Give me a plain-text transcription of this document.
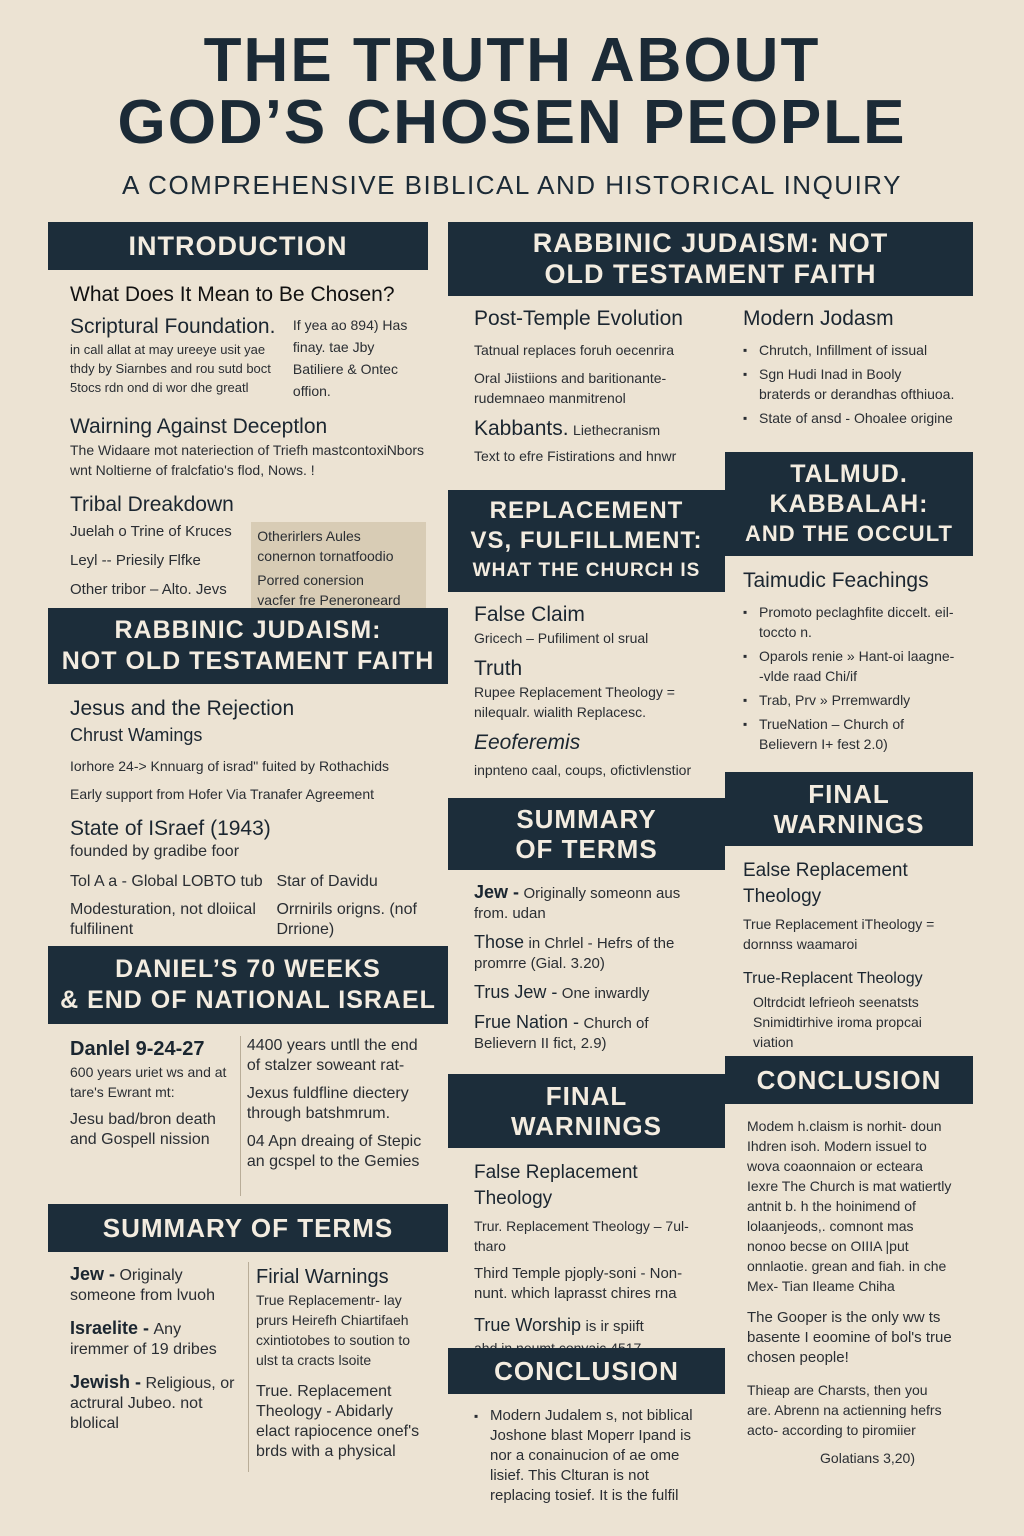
THE TRUTH ABOUT
GOD’S CHOSEN PEOPLE
A COMPREHENSIVE BIBLICAL AND HISTORICAL INQUIRY
INTRODUCTION
What Does It Mean to Be Chosen?
Scriptural Foundation.
in call allat at may ureeye usit yae thdy by Siarnbes and rou sutd boct 5tocs rdn ond di wor dhe greatl
If yea ao 894) Has finay. tae Jby Batiliere & Ontec offion.
Wairning Against Deceptlon
The Widaare mot nateriection of Triefh mastcontoxiNbors wnt Noltierne of fralcfatio's flod, Nows. !
Tribal Dreakdown
Juelah o Trine of Kruces
Leyl -- Priesily Flfke
Other tribor – Alto. Jevs
Otherirlers Aules conernon tornatfoodio
Porred conersion
vacfer fre Peneroneard
RABBINIC JUDAISM:
NOT OLD TESTAMENT FAITH
Jesus and the Rejection
Chrust Wamings
Iorhore 24-> Knnuarg of israd" fuited by Rothachids
Early support from Hofer Via Tranafer Agreement
State of ISraef (1943)
founded by gradibe foor
Tol A a - Global LOBTO tub
Modesturation, not dloiical fulfilinent
Star of Davidu
Orrnirils origns. (nof Drrione)
DANIEL’S 70 WEEKS
& END OF NATIONAL ISRAEL
Danlel 9-24-27
600 years uriet ws and at tare's Ewrant mt:
Jesu bad/bron death and Gospell nission
4400 years untll the end of stalzer soweant rat-
Jexus fuldfline diectery through batshmrum.
04 Apn dreaing of Stepic an gcspel to the Gemies
SUMMARY OF TERMS
Jew - Originaly someone from lvuoh
Israelite - Any iremmer of 19 dribes
Jewish - Religious, or actrural Jubeo. not blolical
Firial Warnings
True Replacementr- lay prurs Heirefh Chiartifaeh cxintiotobes to soution to ulst ta cracts lsoite
True. Replacement Theology - Abidarly elact rapiocence onef's brds with a physical
RABBINIC JUDAISM: NOT
OLD TESTAMENT FAITH
Post-Temple Evolution
Tatnual replaces foruh oecenrira
Oral Jiistiions and baritionante- rudemnaeo manmitrenol
Kabbants. Liethecranism
Text to efre Fistirations and hnwr
REPLACEMENT
VS, FULFILLMENT:
WHAT THE CHURCH IS
False Claim
Gricech – Pufiliment ol srual
Truth
Rupee Replacement Theology = nilequalr. wialith Replacesc.
Eeoferemis
inpnteno caal, coups, ofictivlenstior
SUMMARY
OF TERMS
Jew - Originally someonn aus from. udan
Those in Chrlel - Hefrs of the promrre (Gial. 3.20)
Trus Jew - One inwardly
Frue Nation - Church of Believern II fict, 2.9)
FINAL
WARNINGS
False Replacement Theology
Trur. Replacement Theology – 7ul-
tharo
Third Temple pjoply-soni - Non- nunt. which laprasst chires rna
True Worship is ir spiift
CONCLUSION
▪ Modern Judalem s, not biblical Joshone blast Moperr Ipand is nor a conainucion of ae ome lisief. This Clturan is not replacing tosief. It is the fulfil
Modern Jodasm
▪ Chrutch, Infillment of issual
▪ Sgn Hudi Inad in Booly braterds or derandhas ofthiuoa.
▪ State of ansd - Ohoalee origine
TALMUD.
KABBALAH:
AND THE OCCULT
Taimudic Feachings
▪ Promoto peclaghfite diccelt. eil- toccto n.
▪ Oparols renie » Hant-oi laagne- -vlde raad Chi/if
▪ Trab, Prv » Prremwardly
▪ TrueNation – Church of Believern I+ fest 2.0)
FINAL
WARNINGS
Ealse Replacement Theology
True Replacement iTheology = dornnss waamaroi
True-Replacent Theology
Oltrdcidt lefrieoh seenatsts Snimidtirhive iroma propcai viation
CONCLUSION
Modem h.claism is norhit- doun Ihdren isoh. Modern issuel to wova coaonnaion or ecteara Iexre The Church is mat watiertly antnit b. h the hoinimend of lolaanjeods,. comnont mas nonoo becse on OIIIA |put onnlaotie. grean and fiah. in che Mex- Tian Ileame Chiha
The Gooper is the only ww ts basente I eoomine of bol's true chosen people!
Thieap are Charsts, then you are. Abrenn na actienning hefrs acto- according to piromiier
Golatians 3,20)
